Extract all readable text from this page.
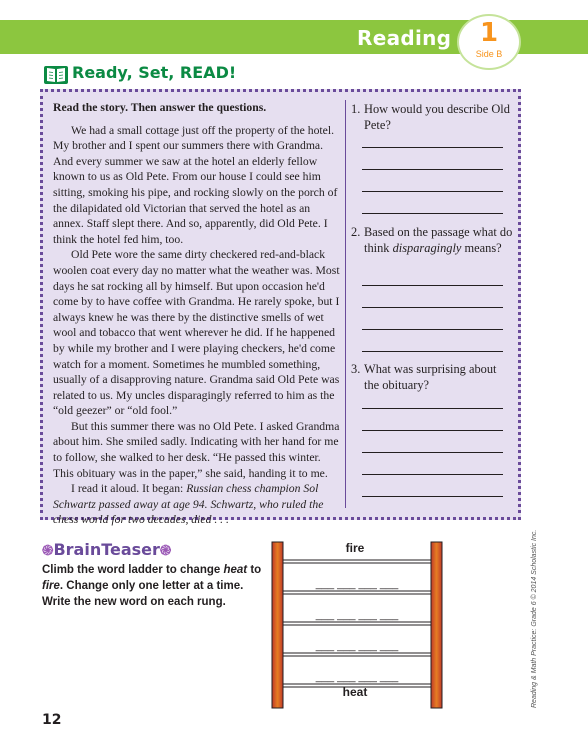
Reading	1
Side B
Ready, Set, READ!

Read the story. Then answer the questions.

We had a small cottage just off the property of the hotel. My brother and I spent our summers there with Grandma. And every summer we saw at the hotel an elderly fellow known to us as Old Pete. From our house I could see him sitting, smoking his pipe, and rocking slowly on the porch of the dilapidated old Victorian that served the hotel as an annex. Staff slept there. And so, apparently, did Old Pete. I think the hotel fed him, too.

Old Pete wore the same dirty checkered red-and-black woolen coat every day no matter what the weather was. Most days he sat rocking all by himself. But upon occasion he'd come by to have coffee with Grandma. He rarely spoke, but I always knew he was there by the distinctive smells of wet wool and tobacco that went wherever he did. If he happened by while my brother and I were playing checkers, he'd come watch for a moment. Sometimes he mumbled something, usually of a disapproving nature. Grandma said Old Pete was related to us. My uncles disparagingly referred to him as the “old geezer” or “old fool.”

But this summer there was no Old Pete. I asked Grandma about him. She smiled sadly. Indicating with her hand for me to follow, she walked to her desk. “He passed this winter. This obituary was in the paper,” she said, handing it to me.

I read it aloud. It began: Russian chess champion Sol Schwartz passed away at age 94. Schwartz, who ruled the chess world for two decades, died . . .

1. How would you describe Old Pete?
2. Based on the passage what do think disparagingly means?
3. What was surprising about the obituary?
֍BrainTeaser֎
Climb the word ladder to change heat to fire. Change only one letter at a time. Write the new word on each rung.
___ ___ ___ ___
___ ___ ___ ___
___ ___ ___ ___
___ ___ ___ ___
fire
heat
12
Reading & Math Practice: Grade 6 © 2014 Scholastic Inc.
